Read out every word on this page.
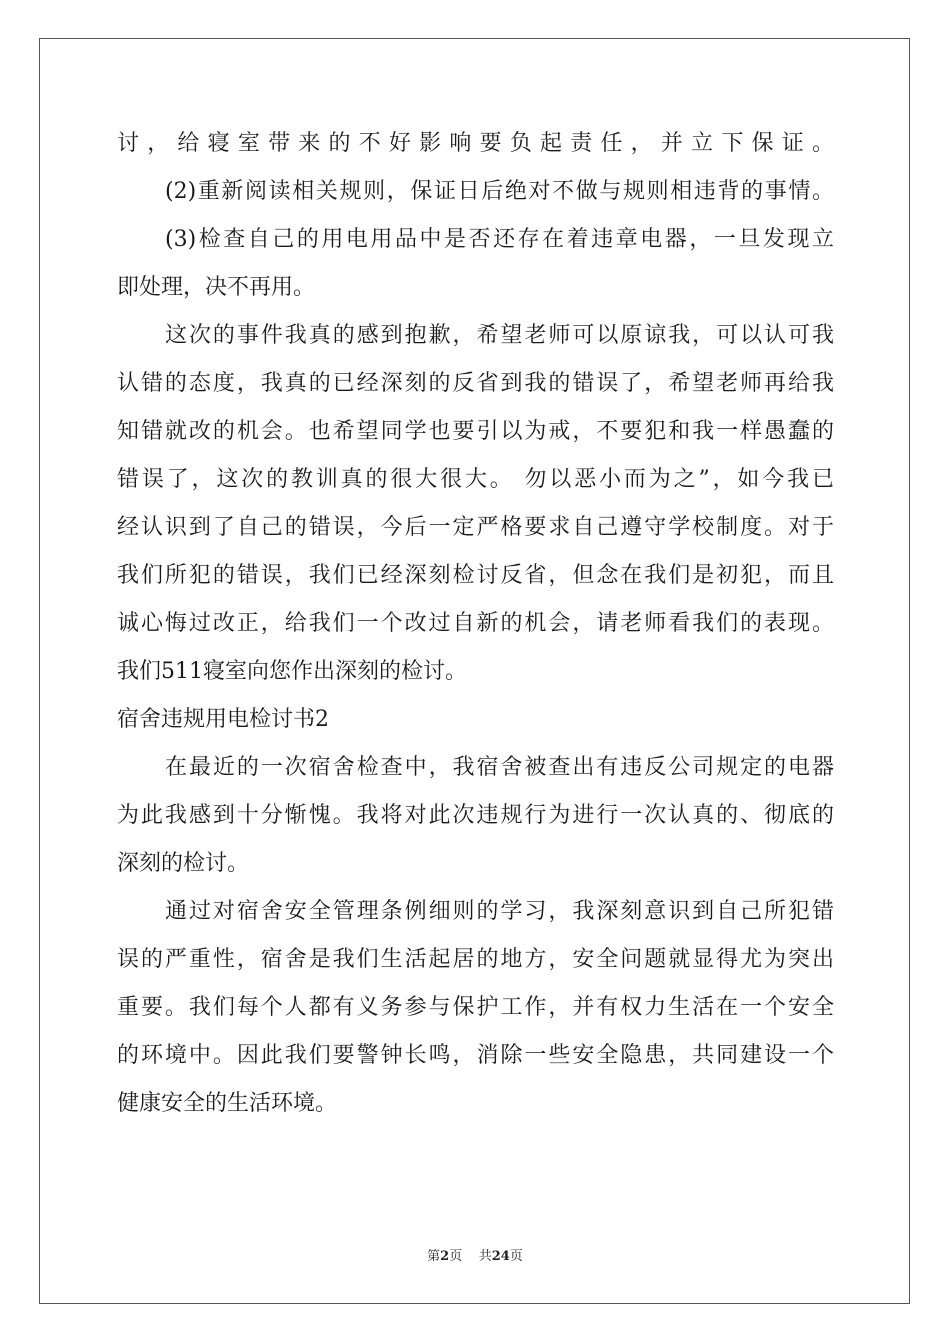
讨，给寝室带来的不好影响要负起责任，并立下保证。
(2)重新阅读相关规则，保证日后绝对不做与规则相违背的事情。
(3)检查自己的用电用品中是否还存在着违章电器，一旦发现立
即处理，决不再用。
这次的事件我真的感到抱歉，希望老师可以原谅我，可以认可我
认错的态度，我真的已经深刻的反省到我的错误了，希望老师再给我
知错就改的机会。也希望同学也要引以为戒，不要犯和我一样愚蠢的
错误了，这次的教训真的很大很大。 勿以恶小而为之”，如今我已
经认识到了自己的错误，今后一定严格要求自己遵守学校制度。对于
我们所犯的错误，我们已经深刻检讨反省，但念在我们是初犯，而且
诚心悔过改正，给我们一个改过自新的机会，请老师看我们的表现。
我们511寝室向您作出深刻的检讨。
宿舍违规用电检讨书2
在最近的一次宿舍检查中，我宿舍被查出有违反公司规定的电器
为此我感到十分惭愧。我将对此次违规行为进行一次认真的、彻底的
深刻的检讨。
通过对宿舍安全管理条例细则的学习，我深刻意识到自己所犯错
误的严重性，宿舍是我们生活起居的地方，安全问题就显得尤为突出
重要。我们每个人都有义务参与保护工作，并有权力生活在一个安全
的环境中。因此我们要警钟长鸣，消除一些安全隐患，共同建设一个
健康安全的生活环境。
第2页 共24页
